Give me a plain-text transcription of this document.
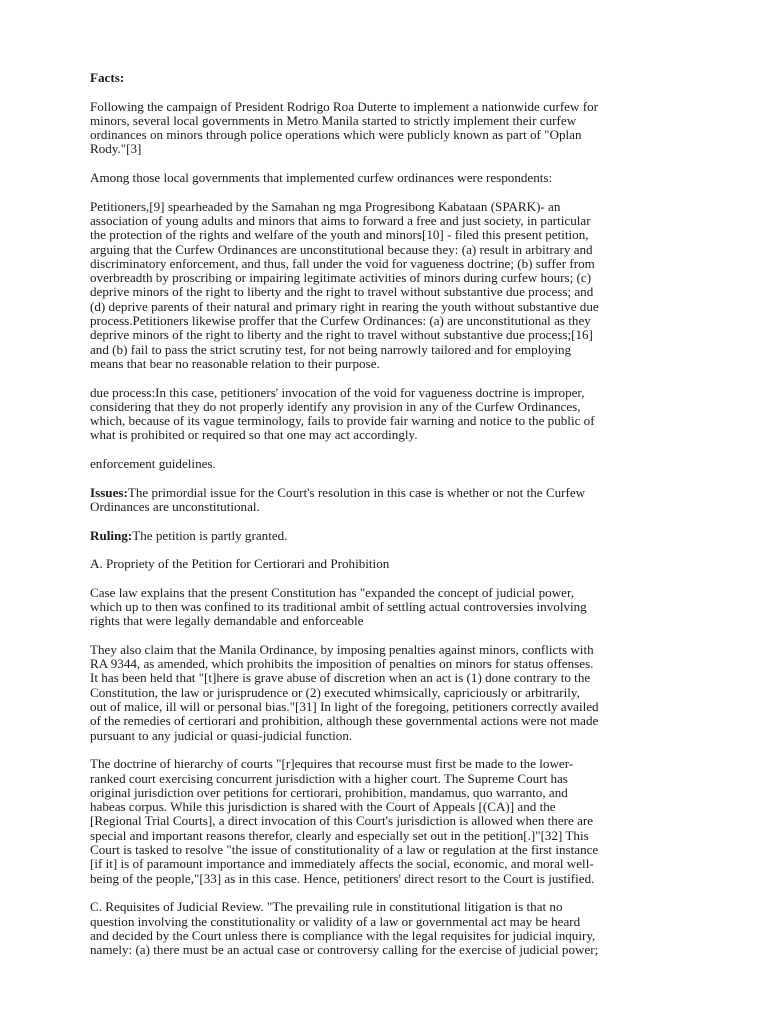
Facts:

Following the campaign of President Rodrigo Roa Duterte to implement a nationwide curfew for
minors, several local governments in Metro Manila started to strictly implement their curfew
ordinances on minors through police operations which were publicly known as part of "Oplan
Rody."[3]

Among those local governments that implemented curfew ordinances were respondents:

Petitioners,[9] spearheaded by the Samahan ng mga Progresibong Kabataan (SPARK)- an
association of young adults and minors that aims to forward a free and just society, in particular
the protection of the rights and welfare of the youth and minors[10] - filed this present petition,
arguing that the Curfew Ordinances are unconstitutional because they: (a) result in arbitrary and
discriminatory enforcement, and thus, fall under the void for vagueness doctrine; (b) suffer from
overbreadth by proscribing or impairing legitimate activities of minors during curfew hours; (c)
deprive minors of the right to liberty and the right to travel without substantive due process; and
(d) deprive parents of their natural and primary right in rearing the youth without substantive due
process.Petitioners likewise proffer that the Curfew Ordinances: (a) are unconstitutional as they
deprive minors of the right to liberty and the right to travel without substantive due process;[16]
and (b) fail to pass the strict scrutiny test, for not being narrowly tailored and for employing
means that bear no reasonable relation to their purpose.

due process:In this case, petitioners' invocation of the void for vagueness doctrine is improper,
considering that they do not properly identify any provision in any of the Curfew Ordinances,
which, because of its vague terminology, fails to provide fair warning and notice to the public of
what is prohibited or required so that one may act accordingly.

enforcement guidelines.

Issues:The primordial issue for the Court's resolution in this case is whether or not the Curfew
Ordinances are unconstitutional.

Ruling:The petition is partly granted.

A. Propriety of the Petition for Certiorari and Prohibition

Case law explains that the present Constitution has "expanded the concept of judicial power,
which up to then was confined to its traditional ambit of settling actual controversies involving
rights that were legally demandable and enforceable

They also claim that the Manila Ordinance, by imposing penalties against minors, conflicts with
RA 9344, as amended, which prohibits the imposition of penalties on minors for status offenses.
It has been held that "[t]here is grave abuse of discretion when an act is (1) done contrary to the
Constitution, the law or jurisprudence or (2) executed whimsically, capriciously or arbitrarily,
out of malice, ill will or personal bias."[31] In light of the foregoing, petitioners correctly availed
of the remedies of certiorari and prohibition, although these governmental actions were not made
pursuant to any judicial or quasi-judicial function.

The doctrine of hierarchy of courts "[r]equires that recourse must first be made to the lower-
ranked court exercising concurrent jurisdiction with a higher court. The Supreme Court has
original jurisdiction over petitions for certiorari, prohibition, mandamus, quo warranto, and
habeas corpus. While this jurisdiction is shared with the Court of Appeals [(CA)] and the
[Regional Trial Courts], a direct invocation of this Court's jurisdiction is allowed when there are
special and important reasons therefor, clearly and especially set out in the petition[.]"[32] This
Court is tasked to resolve "the issue of constitutionality of a law or regulation at the first instance
[if it] is of paramount importance and immediately affects the social, economic, and moral well-
being of the people,"[33] as in this case. Hence, petitioners' direct resort to the Court is justified.

C. Requisites of Judicial Review. "The prevailing rule in constitutional litigation is that no
question involving the constitutionality or validity of a law or governmental act may be heard
and decided by the Court unless there is compliance with the legal requisites for judicial inquiry,
namely: (a) there must be an actual case or controversy calling for the exercise of judicial power;
